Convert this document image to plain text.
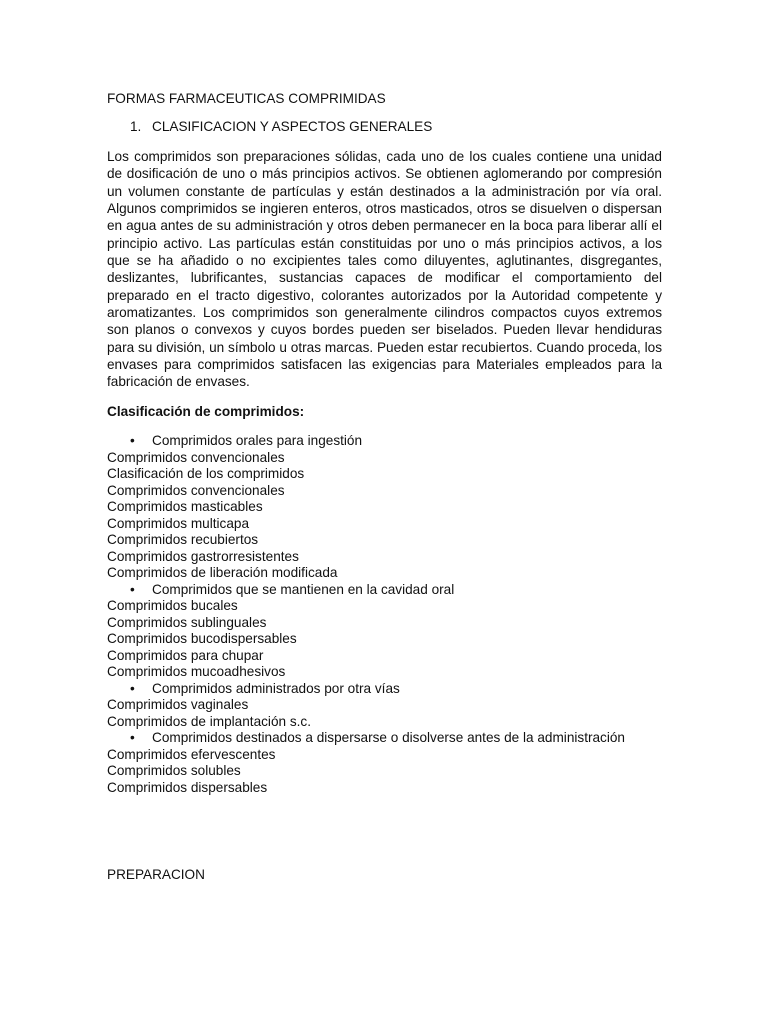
FORMAS FARMACEUTICAS COMPRIMIDAS
1. CLASIFICACION Y ASPECTOS GENERALES

Los comprimidos son preparaciones sólidas, cada uno de los cuales contiene una unidad de dosificación de uno o más principios activos. Se obtienen aglomerando por compresión un volumen constante de partículas y están destinados a la administración por vía oral. Algunos comprimidos se ingieren enteros, otros masticados, otros se disuelven o dispersan en agua antes de su administración y otros deben permanecer en la boca para liberar allí el principio activo. Las partículas están constituidas por uno o más principios activos, a los que se ha añadido o no excipientes tales como diluyentes, aglutinantes, disgregantes, deslizantes, lubrificantes, sustancias capaces de modificar el comportamiento del preparado en el tracto digestivo, colorantes autorizados por la Autoridad competente y aromatizantes. Los comprimidos son generalmente cilindros compactos cuyos extremos son planos o convexos y cuyos bordes pueden ser biselados. Pueden llevar hendiduras para su división, un símbolo u otras marcas. Pueden estar recubiertos. Cuando proceda, los envases para comprimidos satisfacen las exigencias para Materiales empleados para la fabricación de envases.

Clasificación de comprimidos:
• Comprimidos orales para ingestión
Comprimidos convencionales
Clasificación de los comprimidos
Comprimidos convencionales
Comprimidos masticables
Comprimidos multicapa
Comprimidos recubiertos
Comprimidos gastrorresistentes
Comprimidos de liberación modificada
• Comprimidos que se mantienen en la cavidad oral
Comprimidos bucales
Comprimidos sublinguales
Comprimidos bucodispersables
Comprimidos para chupar
Comprimidos mucoadhesivos
• Comprimidos administrados por otra vías
Comprimidos vaginales
Comprimidos de implantación s.c.
• Comprimidos destinados a dispersarse o disolverse antes de la administración
Comprimidos efervescentes
Comprimidos solubles
Comprimidos dispersables
PREPARACION
